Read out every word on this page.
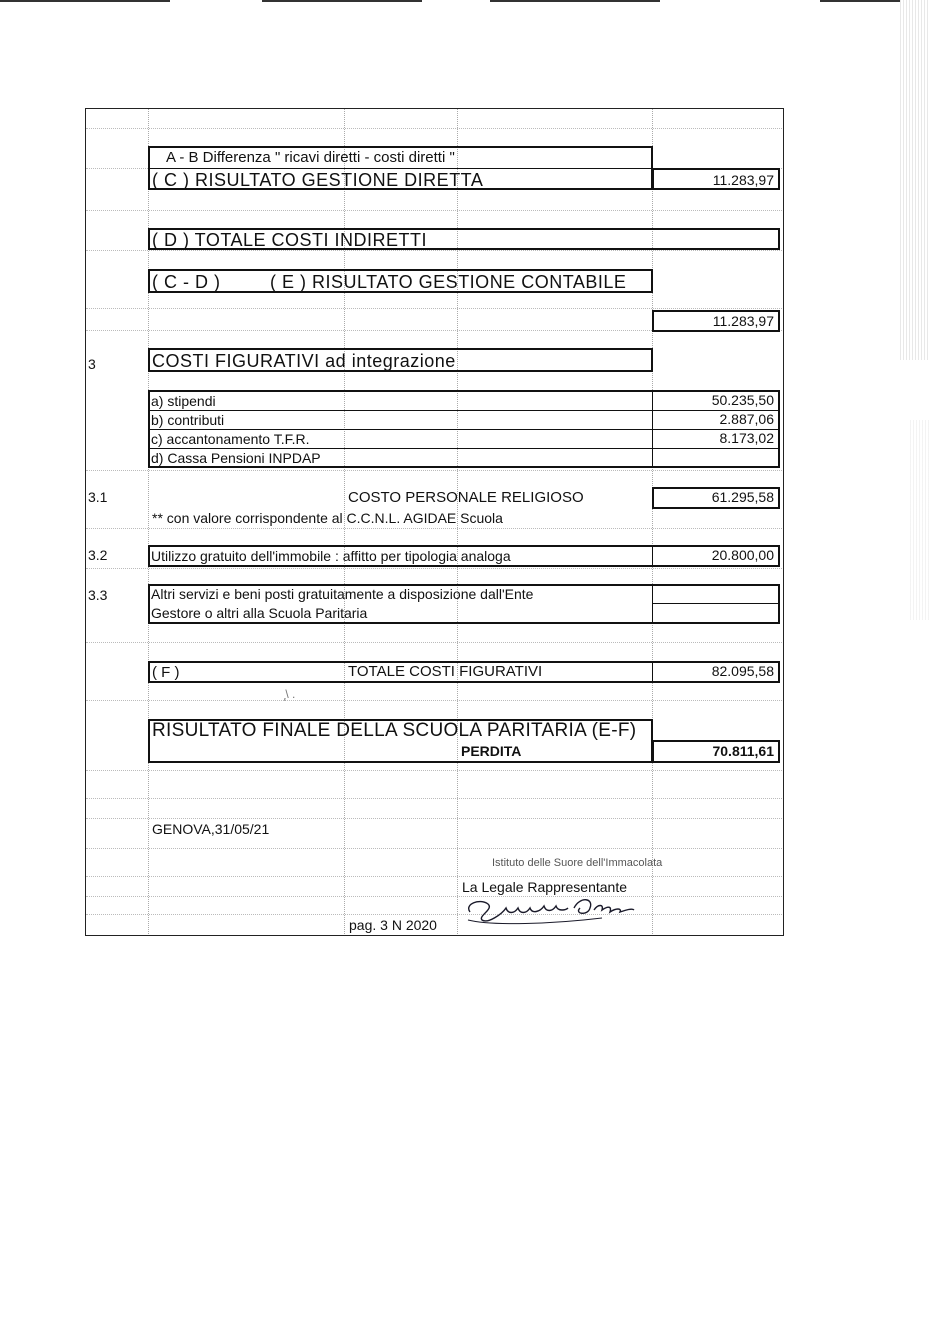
A - B Differenza " ricavi diretti - costi diretti "
( C ) RISULTATO GESTIONE DIRETTA	11.283,97
( D ) TOTALE COSTI INDIRETTI
( C - D )	( E ) RISULTATO GESTIONE CONTABILE
11.283,97
3	COSTI FIGURATIVI ad integrazione
a) stipendi	50.235,50
b) contributi	2.887,06
c) accantonamento T.F.R.	8.173,02
d) Cassa Pensioni INPDAP
3.1	COSTO PERSONALE RELIGIOSO	61.295,58
** con valore corrispondente al C.C.N.L. AGIDAE Scuola
3.2	Utilizzo gratuito dell'immobile : affitto per tipologia analoga	20.800,00
3.3	Altri servizi e beni posti gratuitamente a disposizione dall'Ente
Gestore o altri alla Scuola Paritaria
( F )	TOTALE COSTI FIGURATIVI	82.095,58
ٕ \ .
RISULTATO FINALE DELLA SCUOLA PARITARIA (E-F)
PERDITA	70.811,61
GENOVA,31/05/21
Istituto delle Suore dell'Immacolata
La Legale Rappresentante
pag. 3 N 2020
